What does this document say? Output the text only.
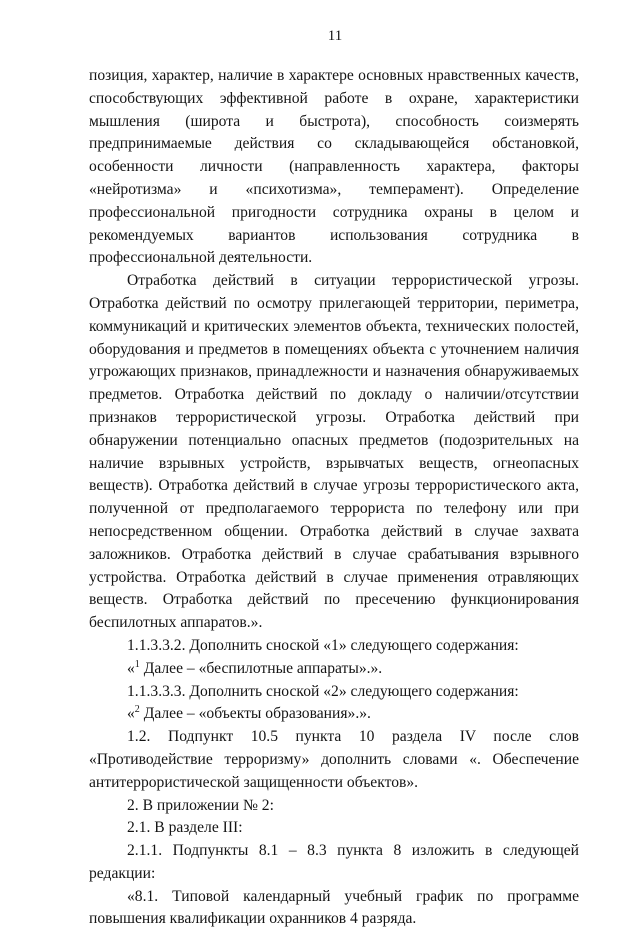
11

позиция, характер, наличие в характере основных нравственных качеств, способствующих эффективной работе в охране, характеристики мышления (широта и быстрота), способность соизмерять предпринимаемые действия со складывающейся обстановкой, особенности личности (направленность характера, факторы «нейротизма» и «психотизма», темперамент). Определение профессиональной пригодности сотрудника охраны в целом и рекомендуемых вариантов использования сотрудника в профессиональной деятельности.

Отработка действий в ситуации террористической угрозы. Отработка действий по осмотру прилегающей территории, периметра, коммуникаций и критических элементов объекта, технических полостей, оборудования и предметов в помещениях объекта с уточнением наличия угрожающих признаков, принадлежности и назначения обнаруживаемых предметов. Отработка действий по докладу о наличии/отсутствии признаков террористической угрозы. Отработка действий при обнаружении потенциально опасных предметов (подозрительных на наличие взрывных устройств, взрывчатых веществ, огнеопасных веществ). Отработка действий в случае угрозы террористического акта, полученной от предполагаемого террориста по телефону или при непосредственном общении. Отработка действий в случае захвата заложников. Отработка действий в случае срабатывания взрывного устройства. Отработка действий в случае применения отравляющих веществ. Отработка действий по пресечению функционирования беспилотных аппаратов.».

1.1.3.3.2. Дополнить сноской «1» следующего содержания:

«$^1$ Далее – «беспилотные аппараты».».

1.1.3.3.3. Дополнить сноской «2» следующего содержания:

«$^2$ Далее – «объекты образования».».

1.2. Подпункт 10.5 пункта 10 раздела IV после слов «Противодействие терроризму» дополнить словами «. Обеспечение антитеррористической защищенности объектов».

2. В приложении № 2:

2.1. В разделе III:

2.1.1. Подпункты 8.1 – 8.3 пункта 8 изложить в следующей редакции:

«8.1. Типовой календарный учебный график по программе повышения квалификации охранников 4 разряда.
